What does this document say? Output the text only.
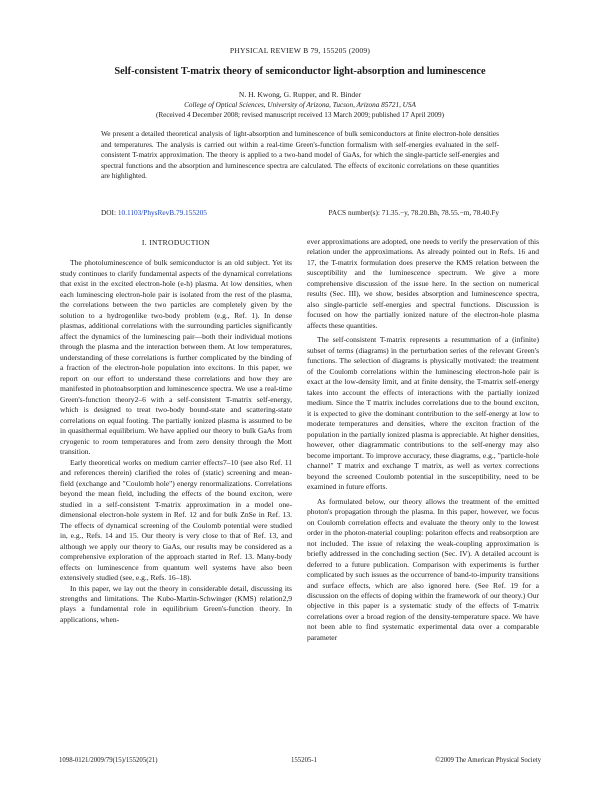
PHYSICAL REVIEW B 79, 155205 (2009)
Self-consistent T-matrix theory of semiconductor light-absorption and luminescence
N. H. Kwong, G. Rupper, and R. Binder
College of Optical Sciences, University of Arizona, Tucson, Arizona 85721, USA
(Received 4 December 2008; revised manuscript received 13 March 2009; published 17 April 2009)
We present a detailed theoretical analysis of light-absorption and luminescence of bulk semiconductors at finite electron-hole densities and temperatures. The analysis is carried out within a real-time Green's-function formalism with self-energies evaluated in the self-consistent T-matrix approximation. The theory is applied to a two-band model of GaAs, for which the single-particle self-energies and spectral functions and the absorption and luminescence spectra are calculated. The effects of excitonic correlations on these quantities are highlighted.
DOI: 10.1103/PhysRevB.79.155205	PACS number(s): 71.35.−y, 78.20.Bh, 78.55.−m, 78.40.Fy
I. INTRODUCTION

The photoluminescence of bulk semiconductor is an old subject. Yet its study continues to clarify fundamental aspects of the dynamical correlations that exist in the excited electron-hole (e-h) plasma. At low densities, when each luminescing electron-hole pair is isolated from the rest of the plasma, the correlations between the two particles are completely given by the solution to a hydrogenlike two-body problem (e.g., Ref. 1). In dense plasmas, additional correlations with the surrounding particles significantly affect the dynamics of the luminescing pair—both their individual motions through the plasma and the interaction between them. At low temperatures, understanding of these correlations is further complicated by the binding of a fraction of the electron-hole population into excitons. In this paper, we report on our effort to understand these correlations and how they are manifested in photoabsorption and luminescence spectra. We use a real-time Green's-function theory2–6 with a self-consistent T-matrix self-energy, which is designed to treat two-body bound-state and scattering-state correlations on equal footing. The partially ionized plasma is assumed to be in quasithermal equilibrium. We have applied our theory to bulk GaAs from cryogenic to room temperatures and from zero density through the Mott transition.

Early theoretical works on medium carrier effects7–10 (see also Ref. 11 and references therein) clarified the roles of (static) screening and mean-field (exchange and "Coulomb hole") energy renormalizations. Correlations beyond the mean field, including the effects of the bound exciton, were studied in a self-consistent T-matrix approximation in a model one-dimensional electron-hole system in Ref. 12 and for bulk ZnSe in Ref. 13. The effects of dynamical screening of the Coulomb potential were studied in, e.g., Refs. 14 and 15. Our theory is very close to that of Ref. 13, and although we apply our theory to GaAs, our results may be considered as a comprehensive exploration of the approach started in Ref. 13. Many-body effects on luminescence from quantum well systems have also been extensively studied (see, e.g., Refs. 16–18).

In this paper, we lay out the theory in considerable detail, discussing its strengths and limitations. The Kubo-Martin-Schwinger (KMS) relation2,9 plays a fundamental role in equilibrium Green's-function theory. In applications, when-

ever approximations are adopted, one needs to verify the preservation of this relation under the approximations. As already pointed out in Refs. 16 and 17, the T-matrix formulation does preserve the KMS relation between the susceptibility and the luminescence spectrum. We give a more comprehensive discussion of the issue here. In the section on numerical results (Sec. III), we show, besides absorption and luminescence spectra, also single-particle self-energies and spectral functions. Discussion is focused on how the partially ionized nature of the electron-hole plasma affects these quantities.

The self-consistent T-matrix represents a resummation of a (infinite) subset of terms (diagrams) in the perturbation series of the relevant Green's functions. The selection of diagrams is physically motivated: the treatment of the Coulomb correlations within the luminescing electron-hole pair is exact at the low-density limit, and at finite density, the T-matrix self-energy takes into account the effects of interactions with the partially ionized medium. Since the T matrix includes correlations due to the bound exciton, it is expected to give the dominant contribution to the self-energy at low to moderate temperatures and densities, where the exciton fraction of the population in the partially ionized plasma is appreciable. At higher densities, however, other diagrammatic contributions to the self-energy may also become important. To improve accuracy, these diagrams, e.g., "particle-hole channel" T matrix and exchange T matrix, as well as vertex corrections beyond the screened Coulomb potential in the susceptibility, need to be examined in future efforts.

As formulated below, our theory allows the treatment of the emitted photon's propagation through the plasma. In this paper, however, we focus on Coulomb correlation effects and evaluate the theory only to the lowest order in the photon-material coupling: polariton effects and reabsorption are not included. The issue of relaxing the weak-coupling approximation is briefly addressed in the concluding section (Sec. IV). A detailed account is deferred to a future publication. Comparison with experiments is further complicated by such issues as the occurrence of band-to-impurity transitions and surface effects, which are also ignored here. (See Ref. 19 for a discussion on the effects of doping within the framework of our theory.) Our objective in this paper is a systematic study of the effects of T-matrix correlations over a broad region of the density-temperature space. We have not been able to find systematic experimental data over a comparable parameter

1098-0121/2009/79(15)/155205(21)	155205-1	©2009 The American Physical Society
